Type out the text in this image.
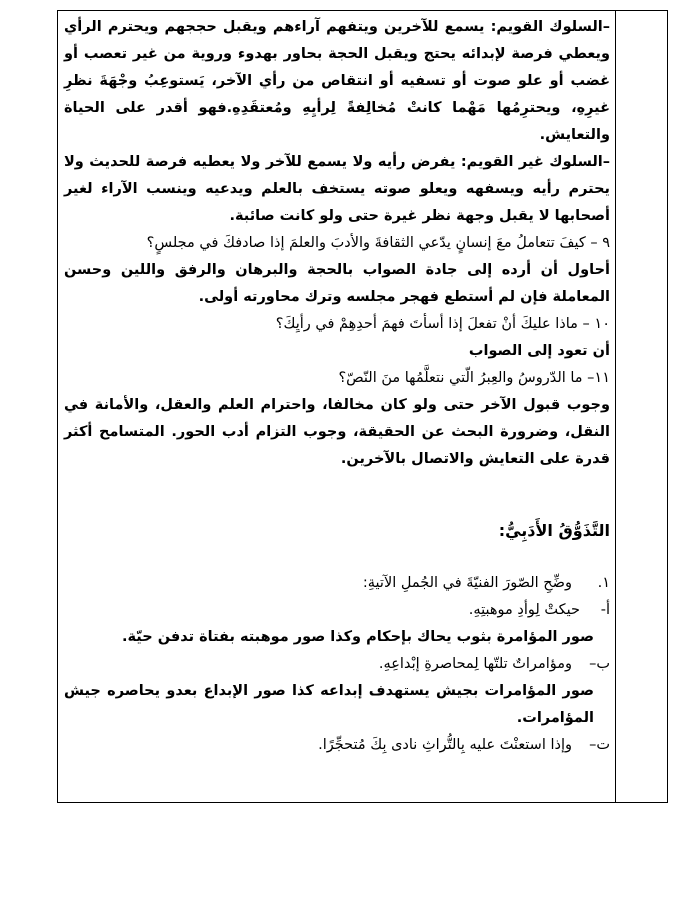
–السلوك القويم: يسمع للآخرين ويتفهم آراءهم ويقبل حججهم ويحترم الرأي ويعطي فرصة لإبدائه يحتج ويقبل الحجة بحاور بهدوء وروية من غير تعصب أو غضب أو علو صوت أو تسفيه أو انتقاص من رأي الآخر، يَستوعِبُ وجْهَةَ نظرِ غيرِهِ، ويحترِمُها مَهْما كانتْ مُخالِفةً لِرأيِهِ ومُعتقَدِهِ.فهو أقدر على الحياة والتعايش.

–السلوك غير القويم: يفرض رأيه ولا يسمع للآخر ولا يعطيه فرصة للحديث ولا يحترم رأيه ويسفهه ويعلو صوته يستخف بالعلم ويدعيه وينسب الآراء لغير أصحابها لا يقبل وجهة نظر غيرة حتى ولو كانت صائبة.

٩ – كيفَ تتعاملُ معَ إنسانٍ يدّعي الثقافةَ والأدبَ والعلمَ إذا صادفكَ في مجلسٍ؟

أحاول أن أرده إلى جادة الصواب بالحجة والبرهان والرفق واللين وحسن المعاملة فإن لم أستطع فهجر مجلسه وترك محاورته أولى.

١٠ – ماذا عليكَ أنْ تفعلَ إذا أسأتَ فهمَ أحدِهِمْ في رأيِكَ؟

أن تعود إلى الصواب

١١– ما الدّروسُ والعِبرُ الّتي نتعلَّمُها منَ النّصّ؟

وجوب قبول الآخر حتى ولو كان مخالفا، واحترام العلم والعقل، والأمانة في النقل، وضرورة البحث عن الحقيقة، وجوب التزام أدب الحور. المتسامح أكثر قدرة على التعايش والاتصال بالآخرين.

التَّذَوُّقُ الأَدَبِيُّ:

١.
وضِّحِ الصّورَ الفنيّةَ في الجُملِ الآتيةِ:
أ-
حيكتْ لِوأدِ موهبتِهِ.

صور المؤامرة بثوب يحاك بإحكام وكذا صور موهبته بفتاة تدفن حيّة.

ب–
ومؤامراتٌ تلتّها لِمحاصرةِ إبْداعِهِ.

صور المؤامرات بجيش يستهدف إبداعه كذا صور الإبداع بعدو يحاصره جيش المؤامرات.

ت–
وإذا استعنْتَ عليه بِالتُّراثِ نادى بِكَ مُتحجِّرًا.
